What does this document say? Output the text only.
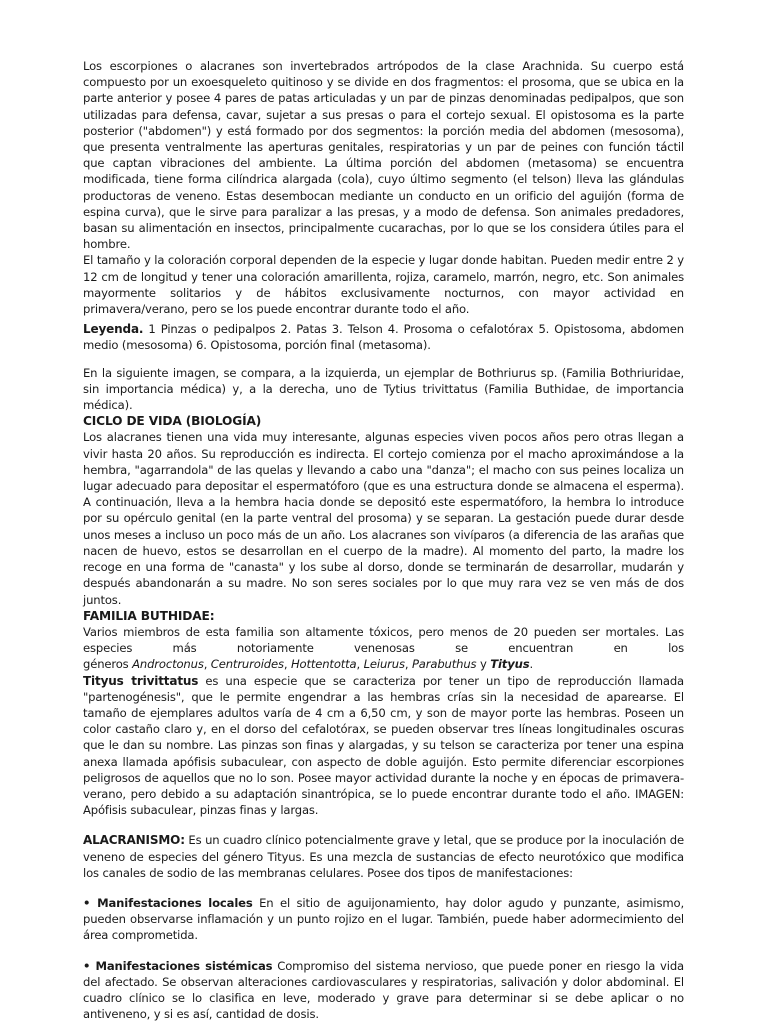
Los escorpiones o alacranes son invertebrados artrópodos de la clase Arachnida. Su cuerpo está compuesto por un exoesqueleto quitinoso y se divide en dos fragmentos: el prosoma, que se ubica en la parte anterior y posee 4 pares de patas articuladas y un par de pinzas denominadas pedipalpos, que son utilizadas para defensa, cavar, sujetar a sus presas o para el cortejo sexual. El opistosoma es la parte posterior ("abdomen") y está formado por dos segmentos: la porción media del abdomen (mesosoma), que presenta ventralmente las aperturas genitales, respiratorias y un par de peines con función táctil que captan vibraciones del ambiente. La última porción del abdomen (metasoma) se encuentra modificada, tiene forma cilíndrica alargada (cola), cuyo último segmento (el telson) lleva las glándulas productoras de veneno. Estas desembocan mediante un conducto en un orificio del aguijón (forma de espina curva), que le sirve para paralizar a las presas, y a modo de defensa. Son animales predadores, basan su alimentación en insectos, principalmente cucarachas, por lo que se los considera útiles para el hombre.

El tamaño y la coloración corporal dependen de la especie y lugar donde habitan. Pueden medir entre 2 y 12 cm de longitud y tener una coloración amarillenta, rojiza, caramelo, marrón, negro, etc. Son animales mayormente solitarios y de hábitos exclusivamente nocturnos, con mayor actividad en primavera/verano, pero se los puede encontrar durante todo el año.

Leyenda. 1 Pinzas o pedipalpos 2. Patas 3. Telson 4. Prosoma o cefalotórax 5. Opistosoma, abdomen medio (mesosoma) 6. Opistosoma, porción final (metasoma).

En la siguiente imagen, se compara, a la izquierda, un ejemplar de Bothriurus sp. (Familia Bothriuridae, sin importancia médica) y, a la derecha, uno de Tytius trivittatus (Familia Buthidae, de importancia médica).

CICLO DE VIDA (BIOLOGÍA)

Los alacranes tienen una vida muy interesante, algunas especies viven pocos años pero otras llegan a vivir hasta 20 años. Su reproducción es indirecta. El cortejo comienza por el macho aproximándose a la hembra, "agarrandola" de las quelas y llevando a cabo una "danza"; el macho con sus peines localiza un lugar adecuado para depositar el espermatóforo (que es una estructura donde se almacena el esperma). A continuación, lleva a la hembra hacia donde se depositó este espermatóforo, la hembra lo introduce por su opérculo genital (en la parte ventral del prosoma) y se separan. La gestación puede durar desde unos meses a incluso un poco más de un año. Los alacranes son vivíparos (a diferencia de las arañas que nacen de huevo, estos se desarrollan en el cuerpo de la madre). Al momento del parto, la madre los recoge en una forma de "canasta" y los sube al dorso, donde se terminarán de desarrollar, mudarán y después abandonarán a su madre. No son seres sociales por lo que muy rara vez se ven más de dos juntos.

FAMILIA BUTHIDAE:

Varios miembros de esta familia son altamente tóxicos, pero menos de 20 pueden ser mortales. Las especies más notoriamente venenosas se encuentran en los

géneros Androctonus, Centruroides, Hottentotta, Leiurus, Parabuthus y Tityus.

Tityus trivittatus es una especie que se caracteriza por tener un tipo de reproducción llamada "partenogénesis", que le permite engendrar a las hembras crías sin la necesidad de aparearse. El tamaño de ejemplares adultos varía de 4 cm a 6,50 cm, y son de mayor porte las hembras. Poseen un color castaño claro y, en el dorso del cefalotórax, se pueden observar tres líneas longitudinales oscuras que le dan su nombre. Las pinzas son finas y alargadas, y su telson se caracteriza por tener una espina anexa llamada apófisis subaculear, con aspecto de doble aguijón. Esto permite diferenciar escorpiones peligrosos de aquellos que no lo son. Posee mayor actividad durante la noche y en épocas de primavera-verano, pero debido a su adaptación sinantrópica, se lo puede encontrar durante todo el año. IMAGEN: Apófisis subaculear, pinzas finas y largas.

ALACRANISMO: Es un cuadro clínico potencialmente grave y letal, que se produce por la inoculación de veneno de especies del género Tityus. Es una mezcla de sustancias de efecto neurotóxico que modifica los canales de sodio de las membranas celulares. Posee dos tipos de manifestaciones:

• Manifestaciones locales En el sitio de aguijonamiento, hay dolor agudo y punzante, asimismo, pueden observarse inflamación y un punto rojizo en el lugar. También, puede haber adormecimiento del área comprometida.

• Manifestaciones sistémicas Compromiso del sistema nervioso, que puede poner en riesgo la vida del afectado. Se observan alteraciones cardiovasculares y respiratorias, salivación y dolor abdominal. El cuadro clínico se lo clasifica en leve, moderado y grave para determinar si se debe aplicar o no antiveneno, y si es así, cantidad de dosis.
